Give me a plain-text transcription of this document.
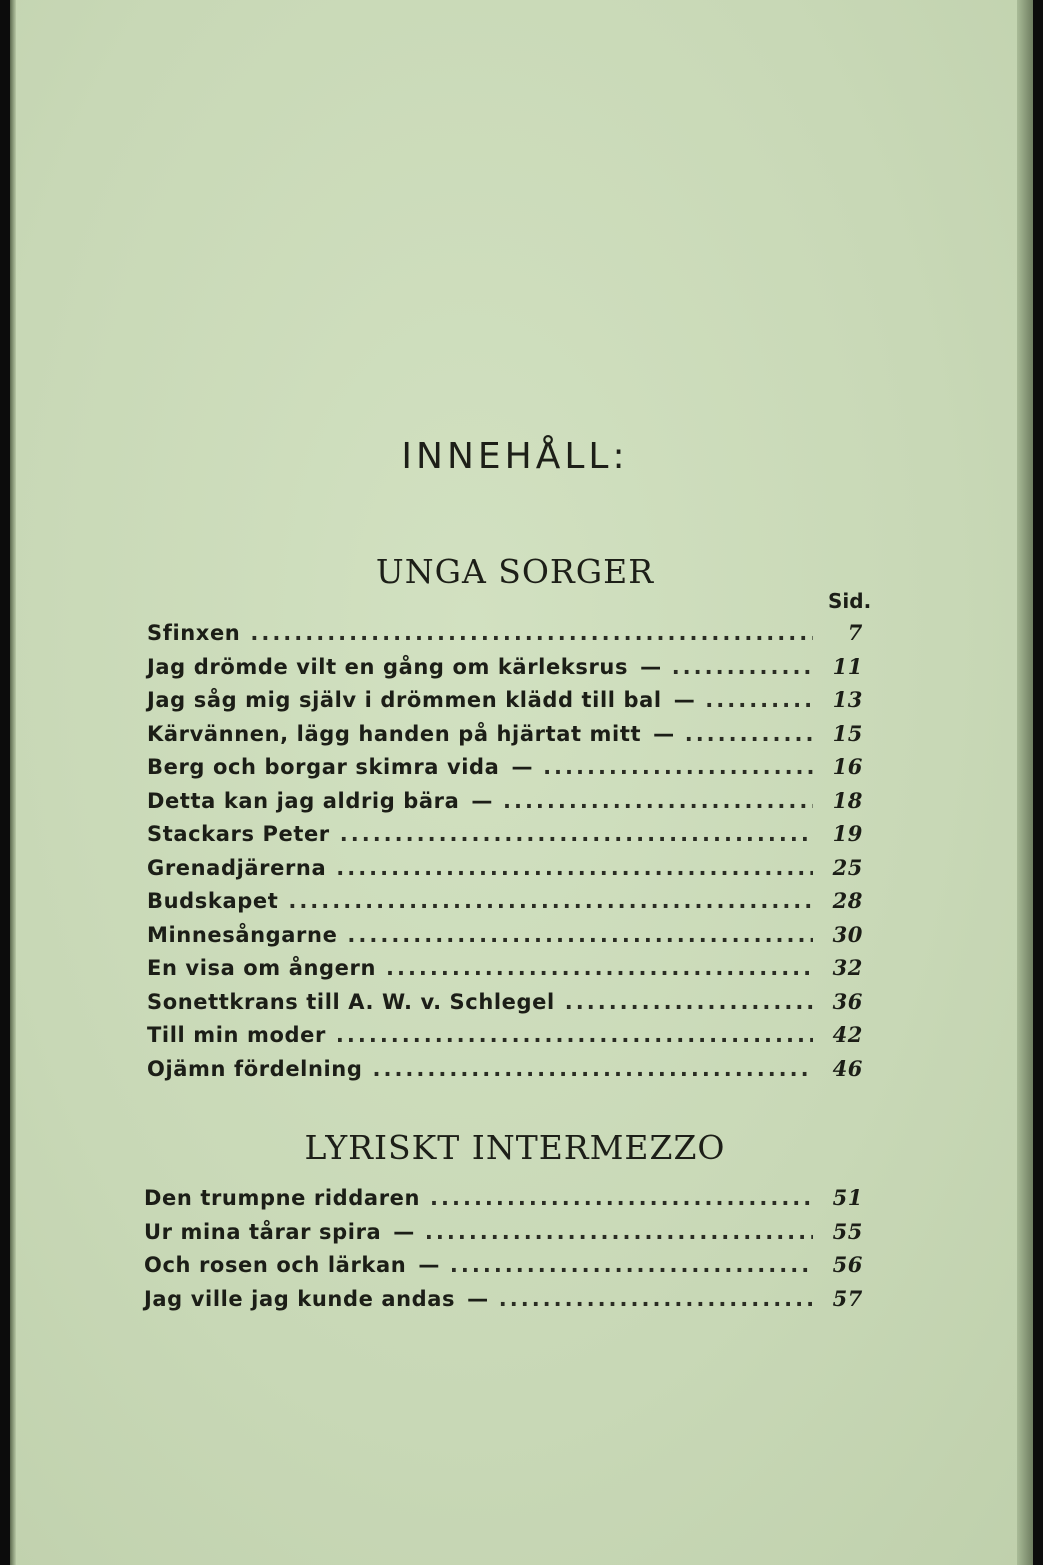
INNEHÅLL:
UNGA SORGER
Sid.
Sfinxen .....	7
Jag drömde vilt en gång om kärleksrus — .....	11
Jag såg mig själv i drömmen klädd till bal — .....	13
Kärvännen, lägg handen på hjärtat mitt — .....	15
Berg och borgar skimra vida — .....	16
Detta kan jag aldrig bära — .....	18
Stackars Peter .....	19
Grenadjärerna .....	25
Budskapet .....	28
Minnesångarne .....	30
En visa om ångern .....	32
Sonettkrans till A. W. v. Schlegel .....	36
Till min moder .....	42
Ojämn fördelning .....	46
LYRISKT INTERMEZZO
Den trumpne riddaren .....	51
Ur mina tårar spira — .....	55
Och rosen och lärkan — .....	56
Jag ville jag kunde andas — .....	57
